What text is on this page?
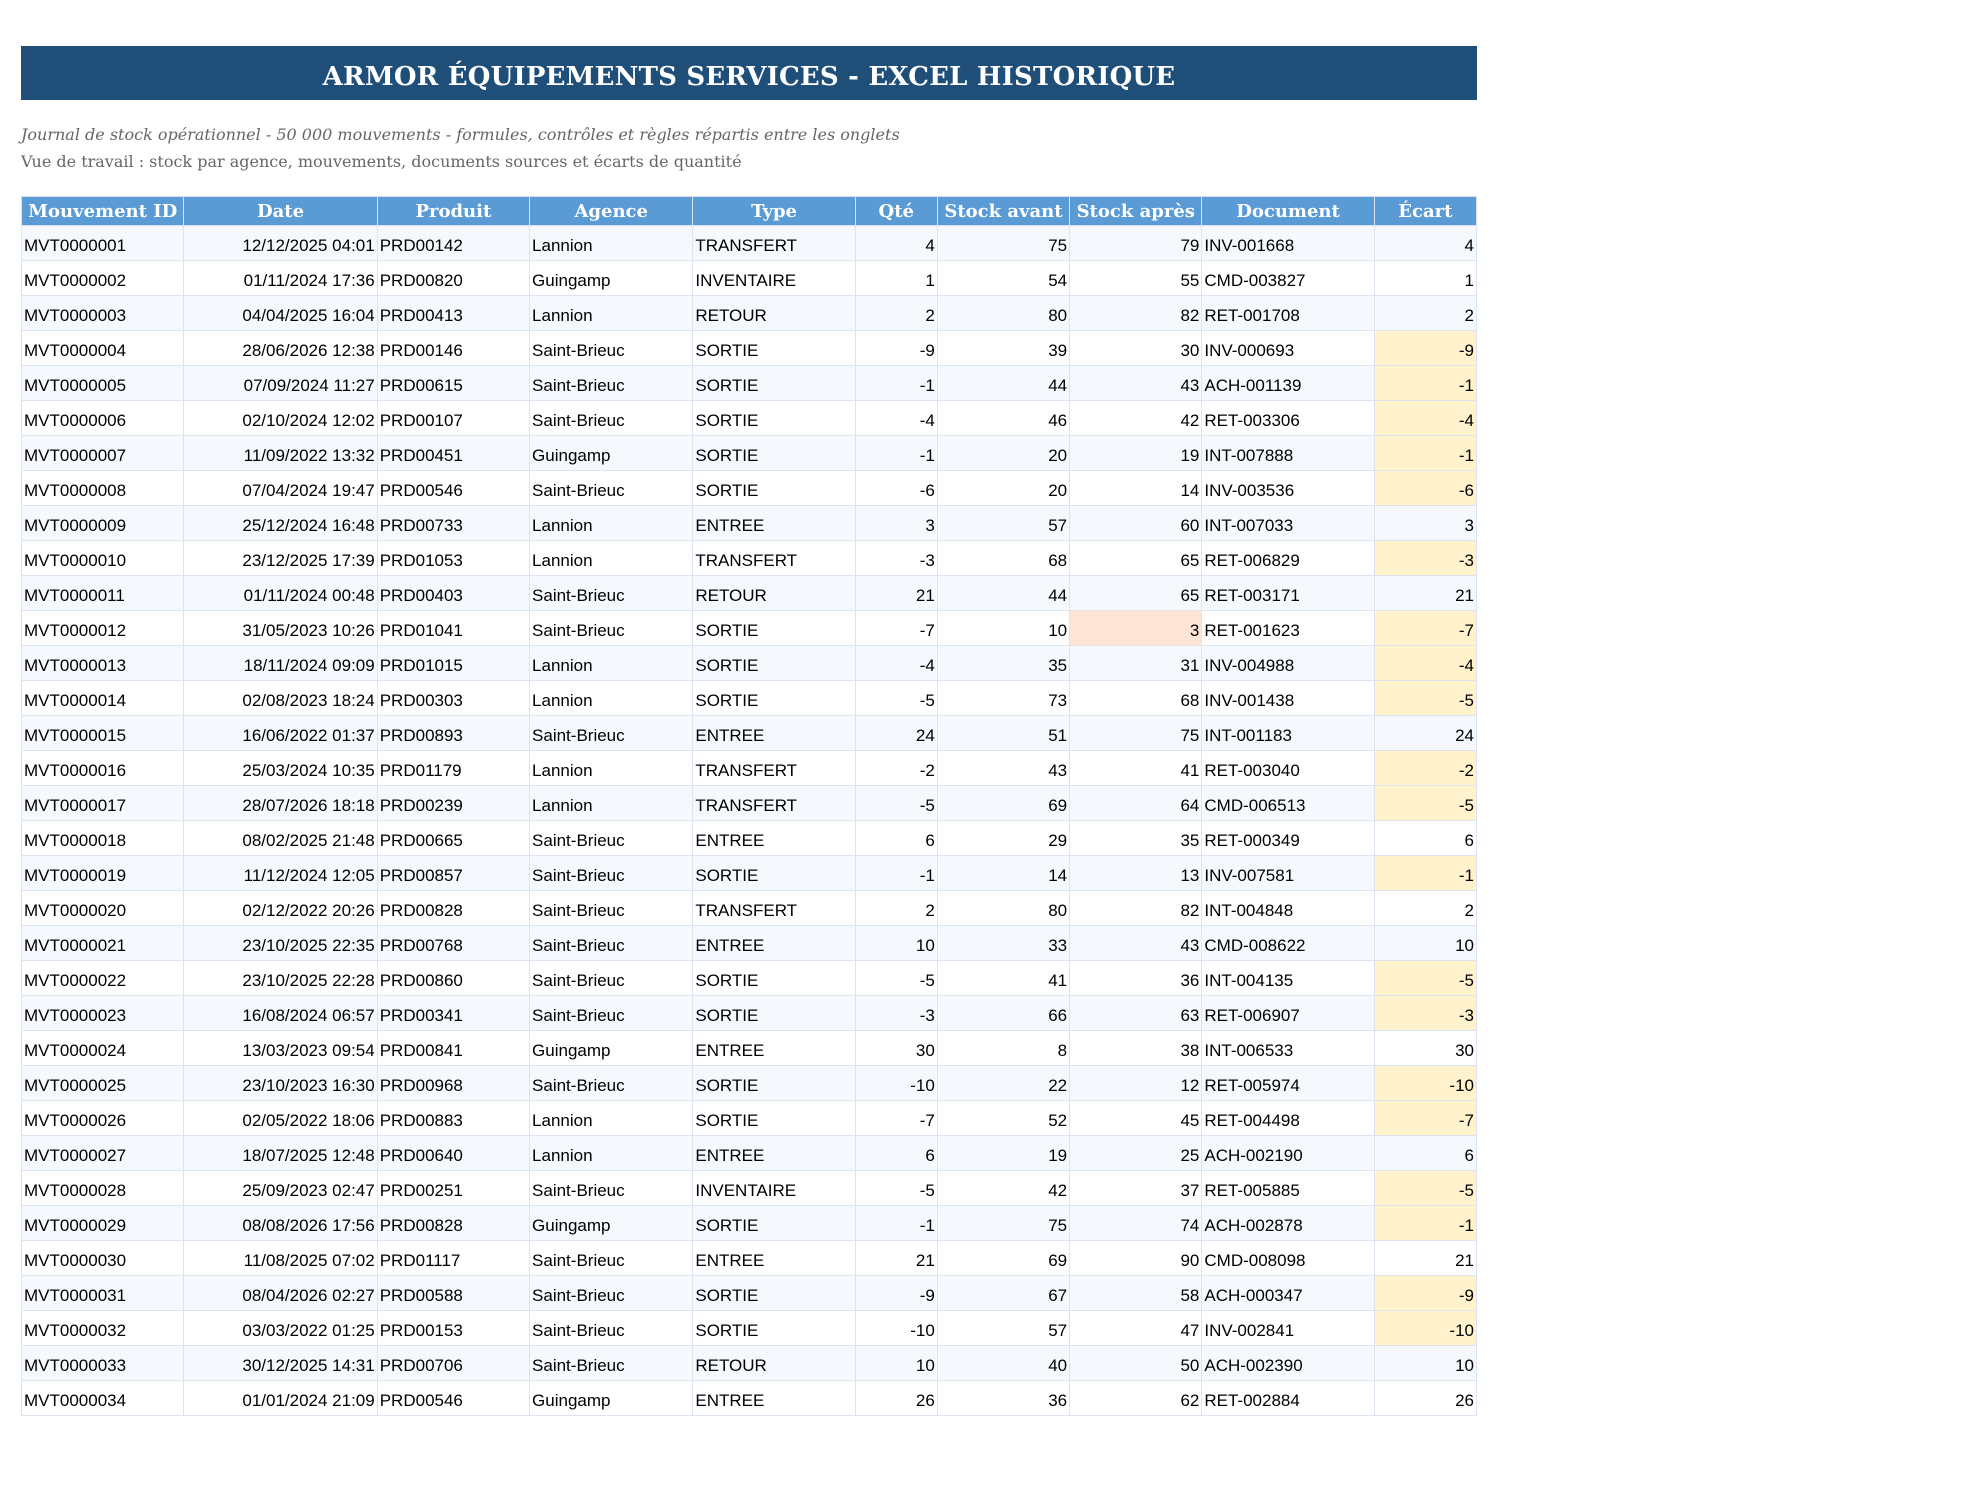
ARMOR ÉQUIPEMENTS SERVICES - EXCEL HISTORIQUE
Journal de stock opérationnel - 50 000 mouvements - formules, contrôles et règles répartis entre les onglets
Vue de travail : stock par agence, mouvements, documents sources et écarts de quantité
Mouvement ID	Date	Produit	Agence	Type	Qté	Stock avant	Stock après	Document	Écart
MVT0000001	12/12/2025 04:01	PRD00142	Lannion	TRANSFERT	4	75	79	INV-001668	4
MVT0000002	01/11/2024 17:36	PRD00820	Guingamp	INVENTAIRE	1	54	55	CMD-003827	1
MVT0000003	04/04/2025 16:04	PRD00413	Lannion	RETOUR	2	80	82	RET-001708	2
MVT0000004	28/06/2026 12:38	PRD00146	Saint-Brieuc	SORTIE	-9	39	30	INV-000693	-9
MVT0000005	07/09/2024 11:27	PRD00615	Saint-Brieuc	SORTIE	-1	44	43	ACH-001139	-1
MVT0000006	02/10/2024 12:02	PRD00107	Saint-Brieuc	SORTIE	-4	46	42	RET-003306	-4
MVT0000007	11/09/2022 13:32	PRD00451	Guingamp	SORTIE	-1	20	19	INT-007888	-1
MVT0000008	07/04/2024 19:47	PRD00546	Saint-Brieuc	SORTIE	-6	20	14	INV-003536	-6
MVT0000009	25/12/2024 16:48	PRD00733	Lannion	ENTREE	3	57	60	INT-007033	3
MVT0000010	23/12/2025 17:39	PRD01053	Lannion	TRANSFERT	-3	68	65	RET-006829	-3
MVT0000011	01/11/2024 00:48	PRD00403	Saint-Brieuc	RETOUR	21	44	65	RET-003171	21
MVT0000012	31/05/2023 10:26	PRD01041	Saint-Brieuc	SORTIE	-7	10	3	RET-001623	-7
MVT0000013	18/11/2024 09:09	PRD01015	Lannion	SORTIE	-4	35	31	INV-004988	-4
MVT0000014	02/08/2023 18:24	PRD00303	Lannion	SORTIE	-5	73	68	INV-001438	-5
MVT0000015	16/06/2022 01:37	PRD00893	Saint-Brieuc	ENTREE	24	51	75	INT-001183	24
MVT0000016	25/03/2024 10:35	PRD01179	Lannion	TRANSFERT	-2	43	41	RET-003040	-2
MVT0000017	28/07/2026 18:18	PRD00239	Lannion	TRANSFERT	-5	69	64	CMD-006513	-5
MVT0000018	08/02/2025 21:48	PRD00665	Saint-Brieuc	ENTREE	6	29	35	RET-000349	6
MVT0000019	11/12/2024 12:05	PRD00857	Saint-Brieuc	SORTIE	-1	14	13	INV-007581	-1
MVT0000020	02/12/2022 20:26	PRD00828	Saint-Brieuc	TRANSFERT	2	80	82	INT-004848	2
MVT0000021	23/10/2025 22:35	PRD00768	Saint-Brieuc	ENTREE	10	33	43	CMD-008622	10
MVT0000022	23/10/2025 22:28	PRD00860	Saint-Brieuc	SORTIE	-5	41	36	INT-004135	-5
MVT0000023	16/08/2024 06:57	PRD00341	Saint-Brieuc	SORTIE	-3	66	63	RET-006907	-3
MVT0000024	13/03/2023 09:54	PRD00841	Guingamp	ENTREE	30	8	38	INT-006533	30
MVT0000025	23/10/2023 16:30	PRD00968	Saint-Brieuc	SORTIE	-10	22	12	RET-005974	-10
MVT0000026	02/05/2022 18:06	PRD00883	Lannion	SORTIE	-7	52	45	RET-004498	-7
MVT0000027	18/07/2025 12:48	PRD00640	Lannion	ENTREE	6	19	25	ACH-002190	6
MVT0000028	25/09/2023 02:47	PRD00251	Saint-Brieuc	INVENTAIRE	-5	42	37	RET-005885	-5
MVT0000029	08/08/2026 17:56	PRD00828	Guingamp	SORTIE	-1	75	74	ACH-002878	-1
MVT0000030	11/08/2025 07:02	PRD01117	Saint-Brieuc	ENTREE	21	69	90	CMD-008098	21
MVT0000031	08/04/2026 02:27	PRD00588	Saint-Brieuc	SORTIE	-9	67	58	ACH-000347	-9
MVT0000032	03/03/2022 01:25	PRD00153	Saint-Brieuc	SORTIE	-10	57	47	INV-002841	-10
MVT0000033	30/12/2025 14:31	PRD00706	Saint-Brieuc	RETOUR	10	40	50	ACH-002390	10
MVT0000034	01/01/2024 21:09	PRD00546	Guingamp	ENTREE	26	36	62	RET-002884	26
